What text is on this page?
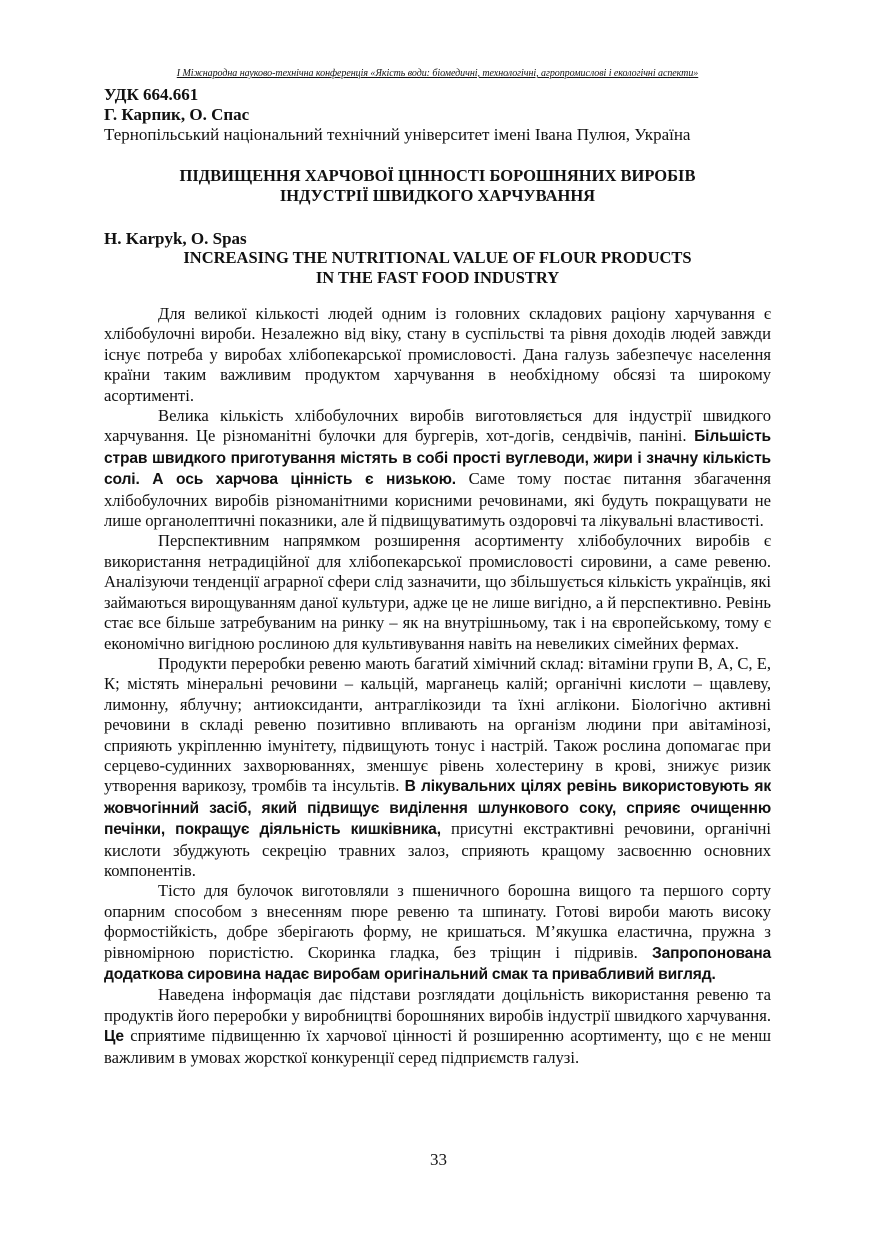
I Міжнародна науково-технічна конференція «Якість води: біомедичні, технологічні, агропромислові і екологічні аспекти»
УДК 664.661
Г. Карпик, О. Спас
Тернопільський національний технічний університет імені Івана Пулюя, Україна
ПІДВИЩЕННЯ ХАРЧОВОЇ ЦІННОСТІ БОРОШНЯНИХ ВИРОБІВ
ІНДУСТРІЇ ШВИДКОГО ХАРЧУВАННЯ
H. Karpyk, O. Spas
INCREASING THE NUTRITIONAL VALUE OF FLOUR PRODUCTS
IN THE FAST FOOD INDUSTRY

Для великої кількості людей одним із головних складових раціону харчування є хлібобулочні вироби. Незалежно від віку, стану в суспільстві та рівня доходів людей завжди існує потреба у виробах хлібопекарської промисловості. Дана галузь забезпечує населення країни таким важливим продуктом харчування в необхідному обсязі та широкому асортименті.

Велика кількість хлібобулочних виробів виготовляється для індустрії швидкого харчування. Це різноманітні булочки для бургерів, хот-догів, сендвічів, паніні. Більшість страв швидкого приготування містять в собі прості вуглеводи, жири і значну кількість солі. А ось харчова цінність є низькою. Саме тому постає питання збагачення хлібобулочних виробів різноманітними корисними речовинами, які будуть покращувати не лише органолептичні показники, але й підвищуватимуть оздоровчі та лікувальні властивості.

Перспективним напрямком розширення асортименту хлібобулочних виробів є використання нетрадиційної для хлібопекарської промисловості сировини, а саме ревеню. Аналізуючи тенденції аграрної сфери слід зазначити, що збільшується кількість українців, які займаються вирощуванням даної культури, адже це не лише вигідно, а й перспективно. Ревінь стає все більше затребуваним на ринку – як на внутрішньому, так і на європейському, тому є економічно вигідною рослиною для культивування навіть на невеликих сімейних фермах.

Продукти переробки ревеню мають багатий хімічний склад: вітаміни групи В, А, С, Е, К; містять мінеральні речовини – кальцій, марганець калій; органічні кислоти – щавлеву, лимонну, яблучну; антиоксиданти, антраглікозиди та їхні аглікони. Біологічно активні речовини в складі ревеню позитивно впливають на організм людини при авітамінозі, сприяють укріпленню імунітету, підвищують тонус і настрій. Також рослина допомагає при серцево-судинних захворюваннях, зменшує рівень холестерину в крові, знижує ризик утворення варикозу, тромбів та інсультів. В лікувальних цілях ревінь використовують як жовчогінний засіб, який підвищує виділення шлункового соку, сприяє очищенню печінки, покращує діяльність кишківника, присутні екстрактивні речовини, органічні кислоти збуджують секрецію травних залоз, сприяють кращому засвоєнню основних компонентів.

Тісто для булочок виготовляли з пшеничного борошна вищого та першого сорту опарним способом з внесенням пюре ревеню та шпинату. Готові вироби мають високу формостійкість, добре зберігають форму, не кришаться. М’якушка еластична, пружна з рівномірною пористістю. Скоринка гладка, без тріщин і підривів. Запропонована додаткова сировина надає виробам оригінальний смак та привабливий вигляд.

Наведена інформація дає підстави розглядати доцільність використання ревеню та продуктів його переробки у виробництві борошняних виробів індустрії швидкого харчування. Це сприятиме підвищенню їх харчової цінності й розширенню асортименту, що є не менш важливим в умовах жорсткої конкуренції серед підприємств галузі.

33
